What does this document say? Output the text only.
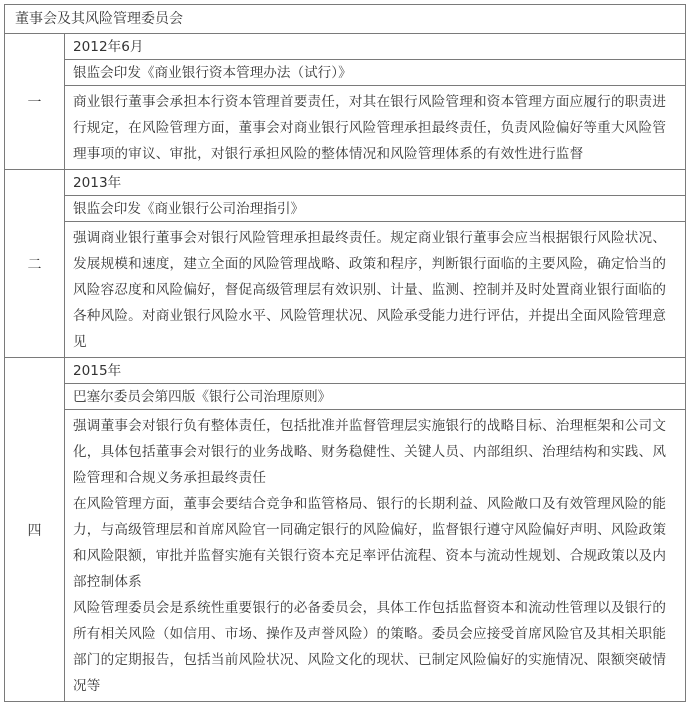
董事会及其风险管理委员会
一	2012年6月
	银监会印发《商业银行资本管理办法（试行）》

	商业银行董事会承担本行资本管理首要责任，对其在银行风险管理和资本管理方面应履行的职责进行规定，在风险管理方面，董事会对商业银行风险管理承担最终责任，负责风险偏好等重大风险管理事项的审议、审批，对银行承担风险的整体情况和风险管理体系的有效性进行监督

二	2013年
	银监会印发《商业银行公司治理指引》

	强调商业银行董事会对银行风险管理承担最终责任。规定商业银行董事会应当根据银行风险状况、发展规模和速度，建立全面的风险管理战略、政策和程序，判断银行面临的主要风险，确定恰当的风险容忍度和风险偏好，督促高级管理层有效识别、计量、监测、控制并及时处置商业银行面临的各种风险。对商业银行风险水平、风险管理状况、风险承受能力进行评估，并提出全面风险管理意见

四	2015年
	巴塞尔委员会第四版《银行公司治理原则》

	强调董事会对银行负有整体责任，包括批准并监督管理层实施银行的战略目标、治理框架和公司文化，具体包括董事会对银行的业务战略、财务稳健性、关键人员、内部组织、治理结构和实践、风险管理和合规义务承担最终责任

在风险管理方面，董事会要结合竞争和监管格局、银行的长期利益、风险敞口及有效管理风险的能力，与高级管理层和首席风险官一同确定银行的风险偏好，监督银行遵守风险偏好声明、风险政策和风险限额，审批并监督实施有关银行资本充足率评估流程、资本与流动性规划、合规政策以及内部控制体系

风险管理委员会是系统性重要银行的必备委员会，具体工作包括监督资本和流动性管理以及银行的所有相关风险（如信用、市场、操作及声誉风险）的策略。委员会应接受首席风险官及其相关职能部门的定期报告，包括当前风险状况、风险文化的现状、已制定风险偏好的实施情况、限额突破情况等
